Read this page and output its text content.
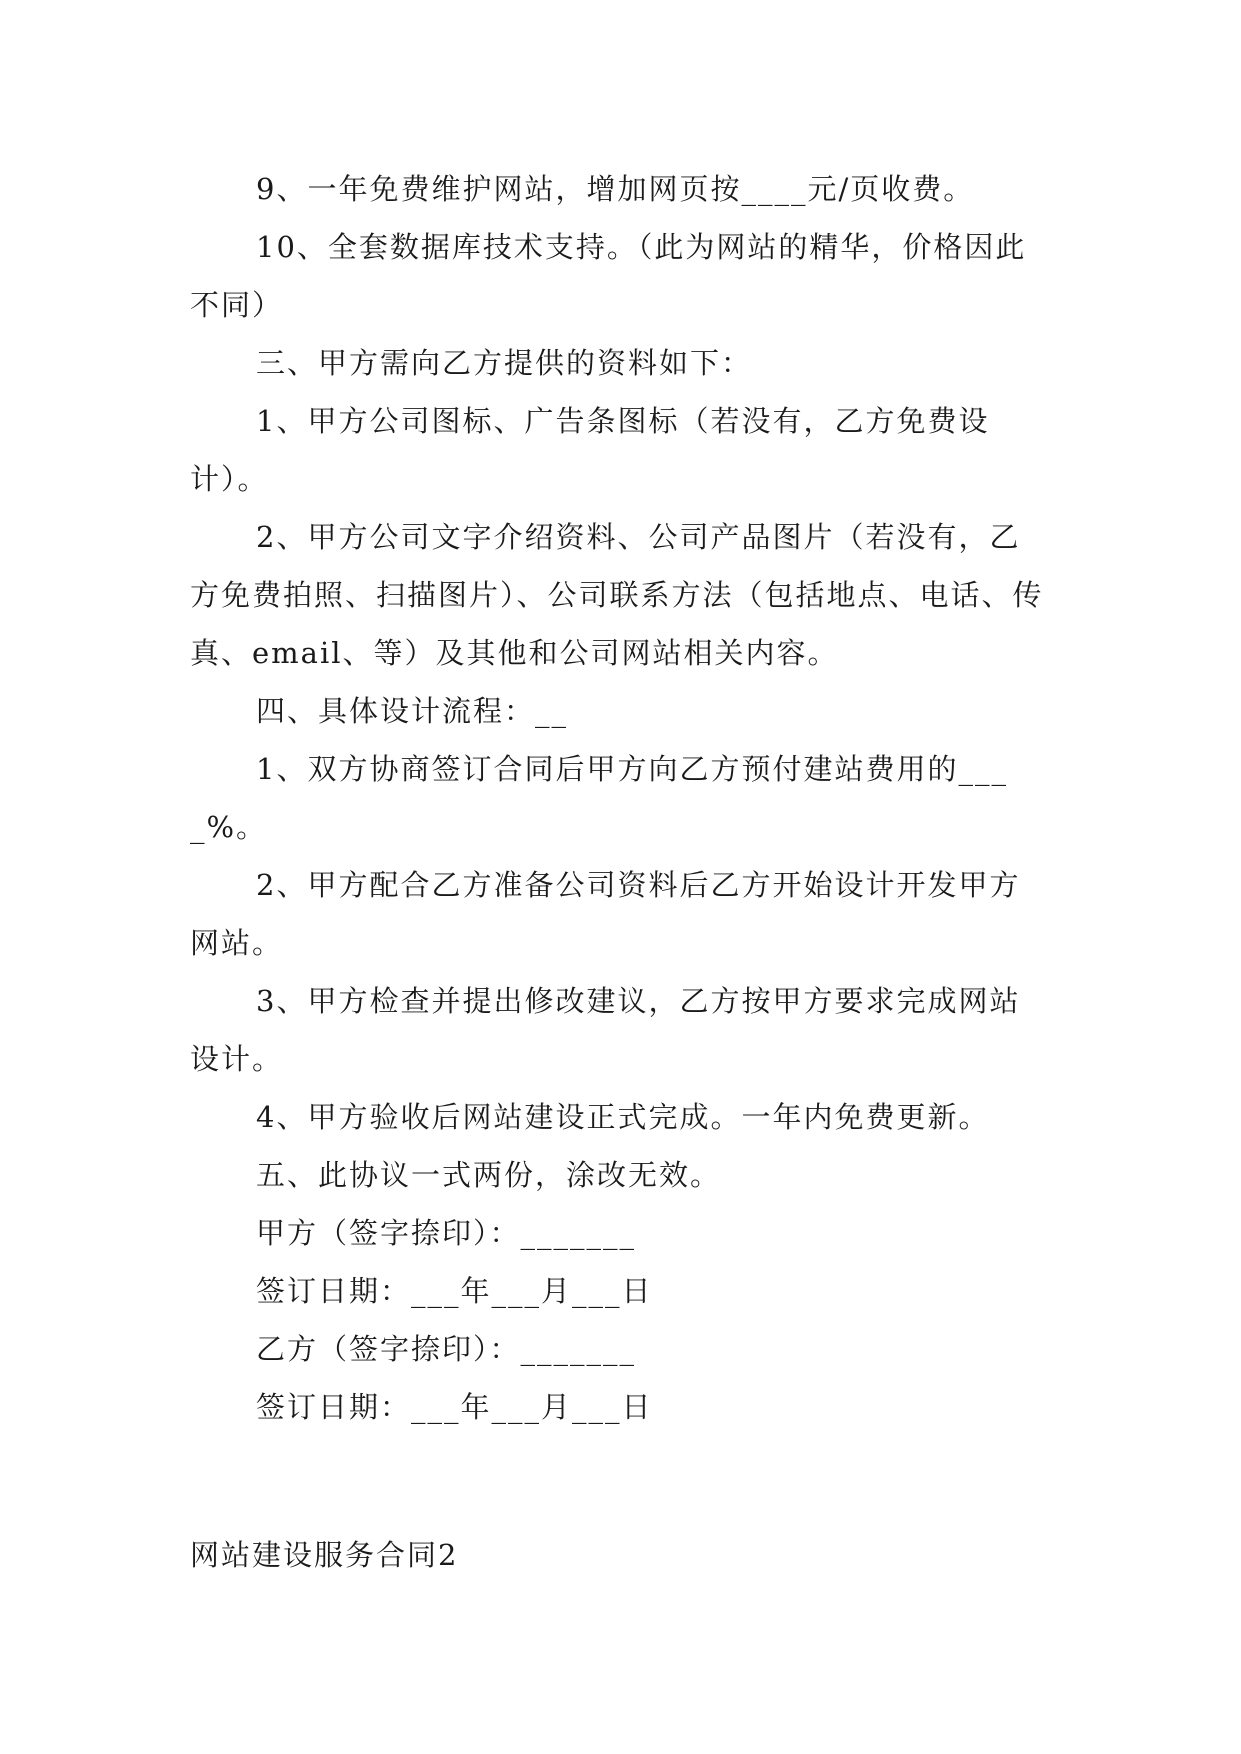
9、一年免费维护网站，增加网页按____元/页收费。

10、全套数据库技术支持。（此为网站的精华，价格因此不同）

三、甲方需向乙方提供的资料如下：

1、甲方公司图标、广告条图标（若没有，乙方免费设计）。

2、甲方公司文字介绍资料、公司产品图片（若没有，乙方免费拍照、扫描图片）、公司联系方法（包括地点、电话、传真、email、等）及其他和公司网站相关内容。

四、具体设计流程：__

1、双方协商签订合同后甲方向乙方预付建站费用的____%。

2、甲方配合乙方准备公司资料后乙方开始设计开发甲方网站。

3、甲方检查并提出修改建议，乙方按甲方要求完成网站设计。

4、甲方验收后网站建设正式完成。一年内免费更新。

五、此协议一式两份，涂改无效。

甲方（签字捺印）：_______

签订日期：___年___月___日

乙方（签字捺印）：_______

签订日期：___年___月___日

网站建设服务合同2
